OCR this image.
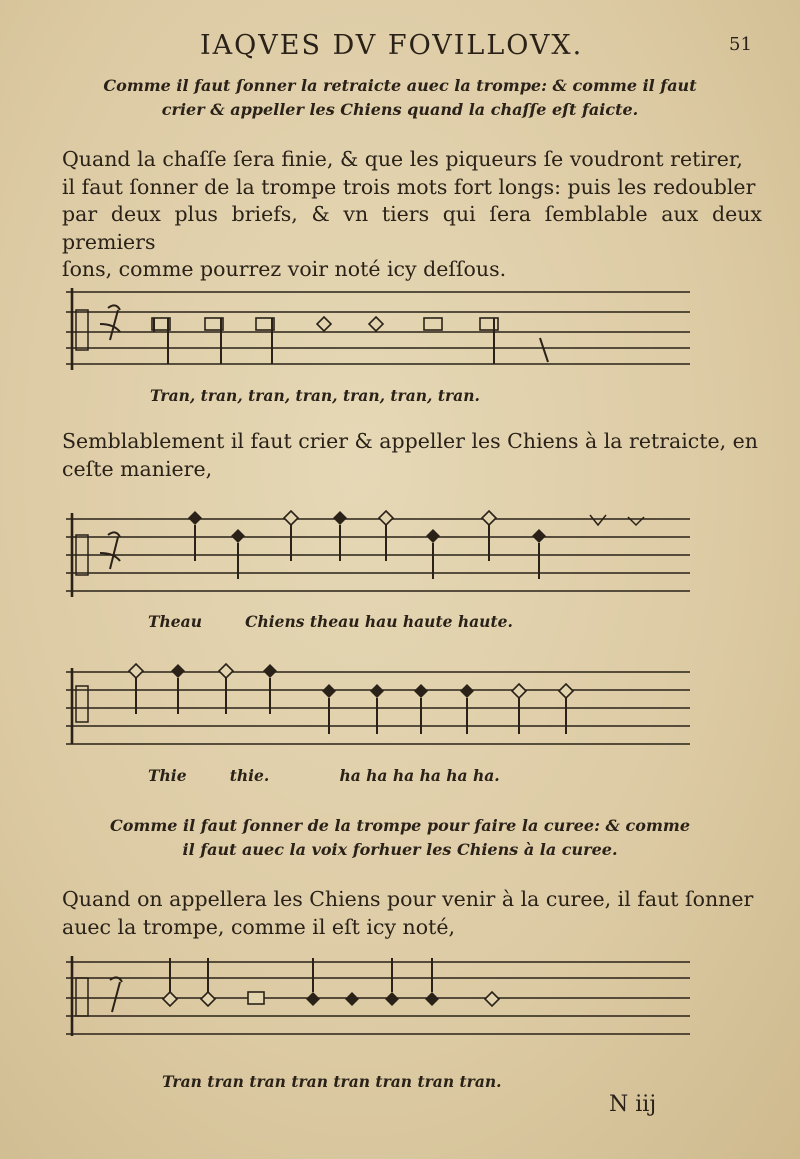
IAQVES DV FOVILLOVX.	51
Comme il faut ſonner la retraicte auec la trompe: & comme il faut
crier & appeller les Chiens quand la chaſſe eſt faicte.
Quand la chaſſe ſera finie, & que les piqueurs ſe voudront retirer,
il faut ſonner de la trompe trois mots fort longs: puis les redoubler
par deux plus briefs, & vn tiers qui ſera ſemblable aux deux premiers
ſons, comme pourrez voir noté icy deſſous.
Tran, tran, tran, tran, tran, tran, tran.
Semblablement il faut crier & appeller les Chiens à la retraicte, en
ceſte maniere,
Theau        Chiens theau hau haute haute.
Thie        thie.             ha ha ha ha ha ha.
Comme il faut ſonner de la trompe pour faire la curee: & comme
il faut auec la voix forhuer les Chiens à la curee.
Quand on appellera les Chiens pour venir à la curee, il faut ſonner
auec la trompe, comme il eſt icy noté,
Tran tran tran tran tran tran tran tran.
N iij
